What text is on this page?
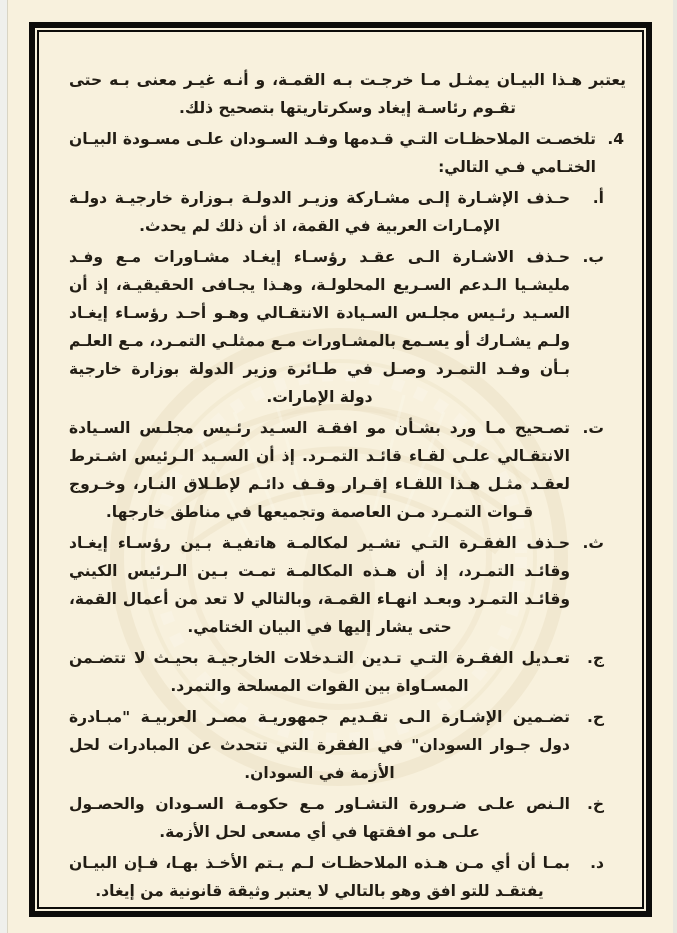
يعتبر هـذا البيـان يمثـل مـا خرجـت بـه القمـة، و أنـه غيـر معنى بـه حتى تقـوم رئاسـة إيغاد وسكرتاريتها بتصحيح ذلك.

4.

تلخصـت الملاحظـات التـي قـدمها وفـد السـودان علـى مسـودة البيـان الختـامي فـي التالي:

أ.

حـذف الإشـارة إلـى مشـاركة وزيـر الدولـة بـوزارة خارجيـة دولـة الإمـارات العربية في القمة، اذ أن ذلك لم يحدث.

ب.

حـذف الاشـارة الـى عقـد رؤسـاء إيغـاد مشـاورات مـع وفـد مليشـيا الـدعم السـريع المحلولـة، وهـذا يجـافى الحقيقيـة، إذ أن السـيد رئـيس مجلـس السـيادة الانتقـالي وهـو أحـد رؤسـاء إيغـاد ولـم يشـارك أو يسـمع بالمشـاورات مـع ممثلـي التمـرد، مـع العلـم بـأن وفـد التمـرد وصـل في طـائرة وزير الدولة بوزارة خارجية دولة الإمارات.

ت.

تصـحيح مـا ورد بشـأن مو افقـة السـيد رئـيس مجلـس السـيادة الانتقـالي علـى لقـاء قائـد التمـرد. إذ أن السـيد الـرئيس اشـترط لعقـد مثـل هـذا اللقـاء إقـرار وقـف دائـم لإطـلاق النـار، وخـروج قـوات التمـرد مـن العاصمة وتجميعها في مناطق خارجها.

ث.

حـذف الفقـرة التـي تشـير لمكالمـة هاتفيـة بـين رؤسـاء إيغـاد وقائـد التمـرد، إذ أن هـذه المكالمـة تمـت بـين الـرئيس الكيني وقائـد التمـرد وبعـد انهـاء القمـة، وبالتالي لا تعد من أعمال القمة، حتى يشار إليها في البيان الختامي.

ج.

تعـديل الفقـرة التـي تـدين التـدخلات الخارجيـة بحيـث لا تتضـمن المسـاواة بين القوات المسلحة والتمرد.

ح.

تضـمين الإشـارة الـى تقـديم جمهوريـة مصـر العربيـة "مبـادرة دول جـوار السودان" في الفقرة التي تتحدث عن المبادرات لحل الأزمة في السودان.

خ.

الـنص علـى ضـرورة التشـاور مـع حكومـة السـودان والحصـول علـى مو افقتها في أي مسعى لحل الأزمة.

د.

بمـا أن أي مـن هـذه الملاحظـات لـم يـتم الأخـذ بهـا، فـإن البيـان يفتقـد للتو افق وهو بالتالي لا يعتبر وثيقة قانونية من إيغاد.
